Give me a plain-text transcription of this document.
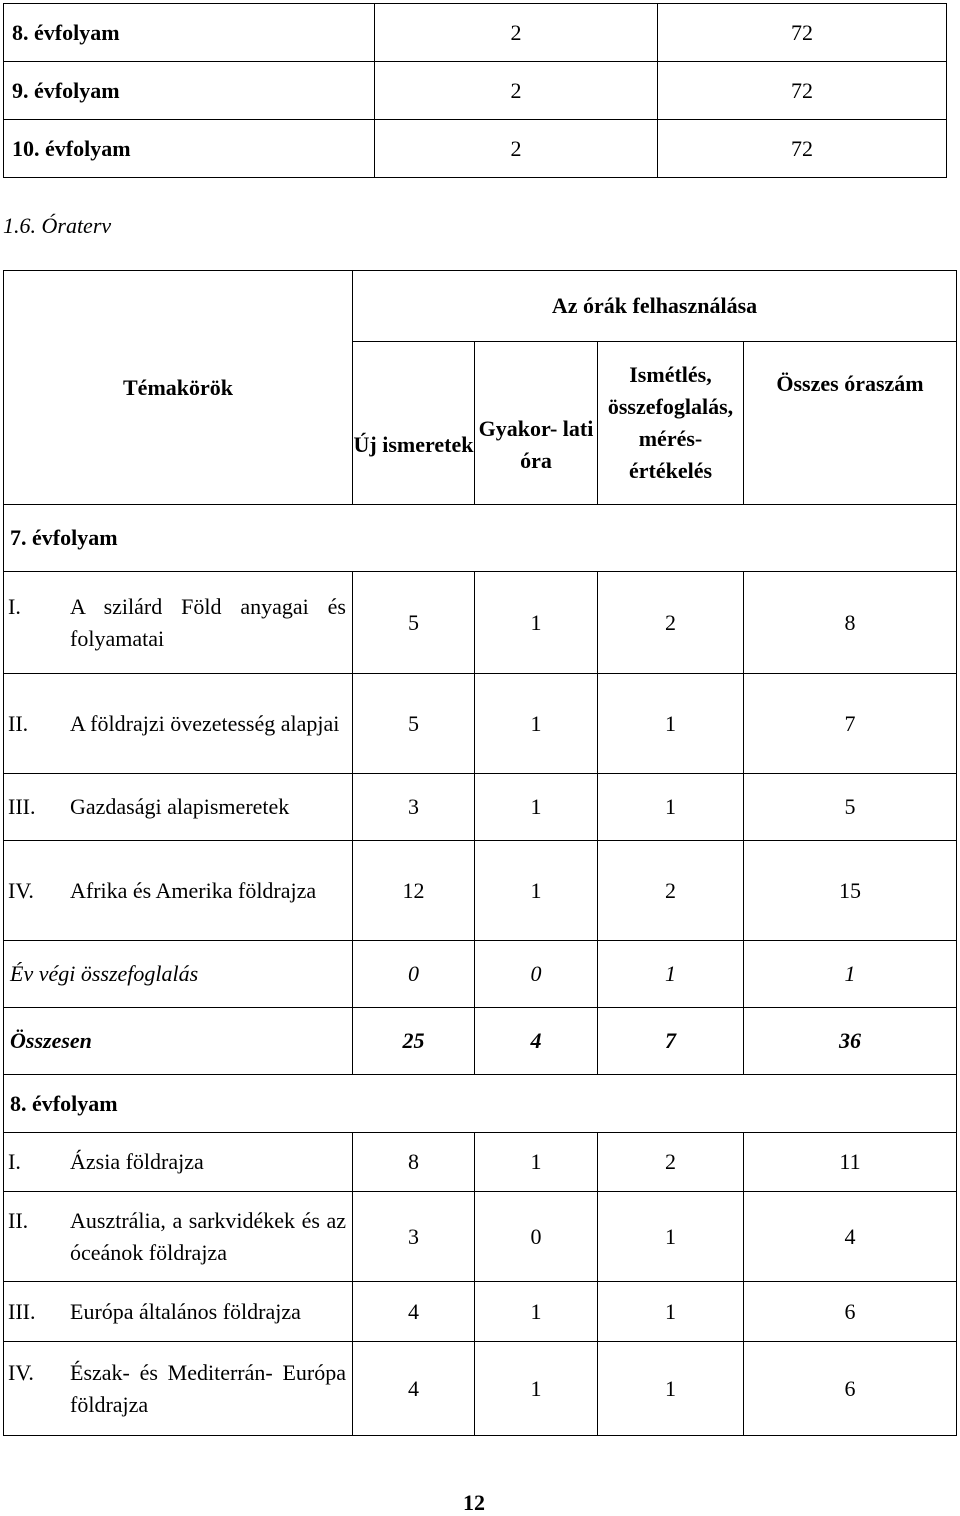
8. évfolyam	2	72
9. évfolyam	2	72
10. évfolyam	2	72
1.6. Óraterv
Témakörök	Az órák felhasználása			
	Új ismeretek	Gyakor- lati óra	Ismétlés, összefoglalás, mérés- értékelés	Összes óraszám
7. évfolyam				

I. A szilárd Föld anyagai és folyamatai	5	1	2	8

II. A földrajzi övezetesség alapjai	5	1	1	7

III. Gazdasági alapismeretek	3	1	1	5

IV. Afrika és Amerika földrajza	12	1	2	15
Év végi összefoglalás	0	0	1	1
Összesen	25	4	7	36
8. évfolyam				

I. Ázsia földrajza	8	1	2	11

II. Ausztrália, a sarkvidékek és az óceánok földrajza	3	0	1	4

III. Európa általános földrajza	4	1	1	6

IV. Észak- és Mediterrán- Európa földrajza	4	1	1	6
12
